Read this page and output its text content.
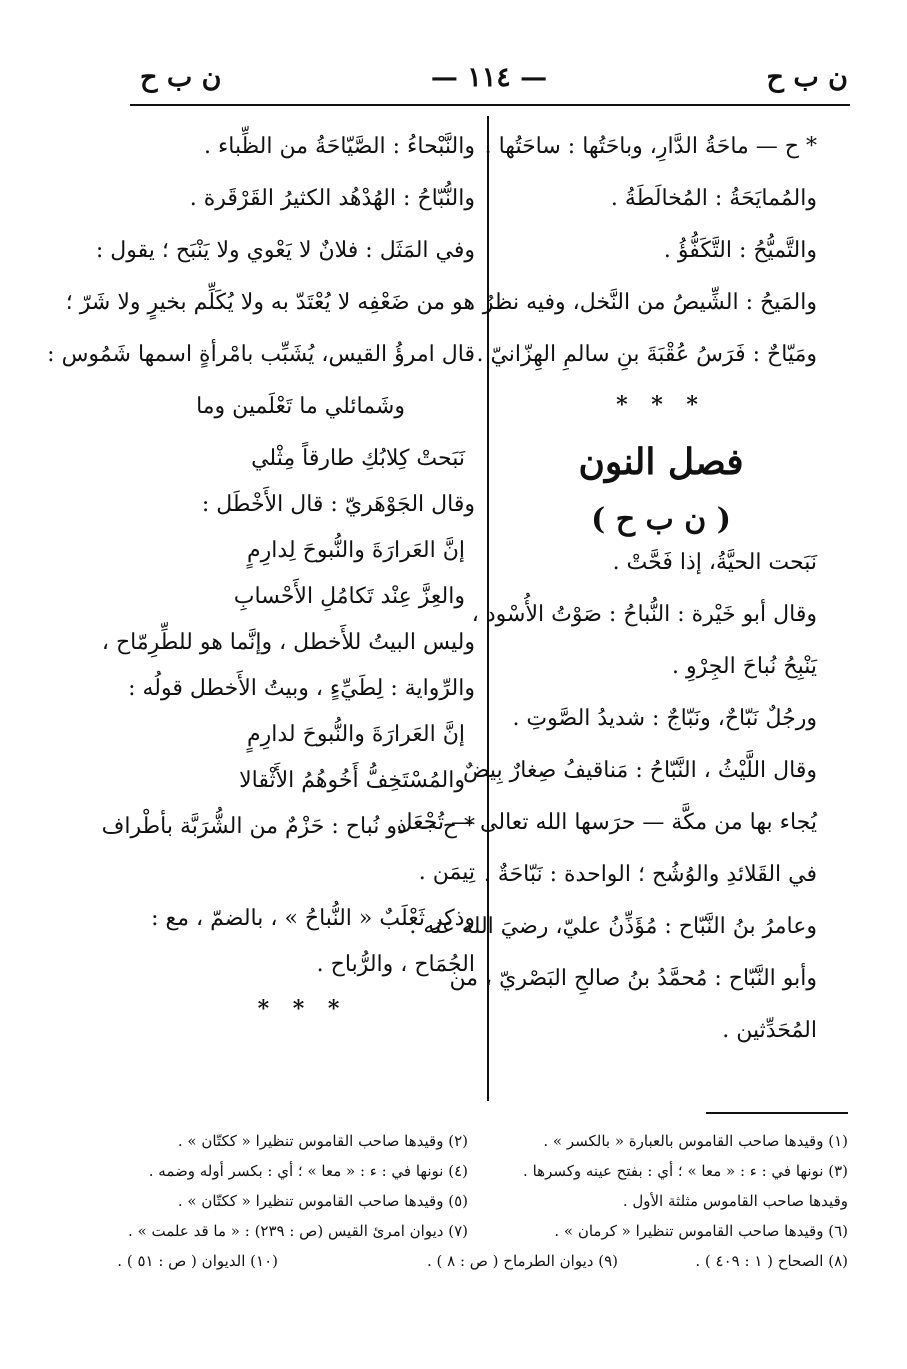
ن ب ح
— ١١٤ —
ن ب ح
* ح — ماحَةُ الدَّارِ، وباحَتُها : ساحَتُها .
والمُمايَحَةُ : المُخالَطَةُ .
والتَّميُّحُ : التَّكَفُّؤُ .
والمَيحُ : الشِّيصُ من النَّخل، وفيه نظرٌ .
ومَيّاحٌ : فَرَسُ عُقْبَةَ بنِ سالمِ الهِزّانيّ .
* * *
فصل النون
( ن ب ح )
نَبَحت الحيَّةُ، إذا فَحَّتْ .
وقال أبو خَيْرة : النُّباحُ : صَوْتُ الأُسْود ،
يَنْبِحُ نُباحَ الجِرْوِ .
ورجُلٌ نَبّاحٌ، ونَبّاجٌ : شديدُ الصَّوتِ .
وقال اللَّيْثُ ، النَّبّاحُ : مَناقيفُ صِغارٌ بِيضٌ
يُجاء بها من مكَّة — حرَسها الله تعالى — تُجْعَل
في القَلائدِ والوُشُح ؛ الواحدة : نَبّاحَةٌ .
وعامرُ بنُ النَّبّاح : مُؤَذِّنُ عليّ، رضيَ الله عنه .
وأبو النَّبّاح : مُحمَّدُ بنُ صالحِ البَصْريّ ، من
المُحَدِّثين .
والنَّبْحاءُ : الصَّيّاحَةُ من الظِّباء .
والنُّبّاحُ : الهُدْهُد الكثيرُ القَرْقَرة .
وفي المَثَل : فلانٌ لا يَعْوي ولا يَنْبَح ؛ يقول :
هو من ضَعْفِه لا يُعْتَدّ به ولا يُكَلِّم بخيرٍ ولا شَرّ ؛
قال امرؤُ القيس، يُشَبِّب بامْرأةٍ اسمها شَمُوس :
وشَمائلي ما تَعْلَمين وما
نَبَحتْ كِلابُكِ طارقاً مِثْلي
وقال الجَوْهَريّ : قال الأَخْطَل :
إنَّ العَرارَةَ والنُّبوحَ لِدارِمٍ
والعِزَّ عِنْد تَكامُلِ الأَحْسابِ
وليس البيتُ للأَخطل ، وإنَّما هو للطِّرِمّاح ،
والرِّواية : لِطَيِّءٍ ، وبيتُ الأَخطل قولُه :
إنَّ العَرارَةَ والنُّبوحَ لدارِمٍ
والمُسْتَخِفُّ أَخُوهُمُ الأَثْقالا
* ح — ذو نُباح : حَزْمٌ من الشُّرَبَّة بأطْراف
تِيمَن .
وذكر ثَعْلَبٌ « النُّباحُ » ، بالضمّ ، مع :
الجُمَاح ، والرُّباح .
* * *
(١) وقيدها صاحب القاموس بالعبارة « بالكسر » .
(٢) وقيدها صاحب القاموس تنظيرا « ككتّان » .
(٣) نونها في : ء : « معا » ؛ أي : بفتح عينه وكسرها .
(٤) نونها في : ء : « معا » ؛ أي : بكسر أوله وضمه .
وقيدها صاحب القاموس مثلثة الأول .
(٥) وقيدها صاحب القاموس تنظيرا « ككتّان » .
(٦) وقيدها صاحب القاموس تنظيرا « كرمان » .
(٧) ديوان امرئ القيس (ص : ٢٣٩) : « ما قد علمت » .
(٨) الصحاح ( ١ : ٤٠٩ ) .
(٩) ديوان الطرماح ( ص : ٨ ) .
(١٠) الديوان ( ص : ٥١ ) .
